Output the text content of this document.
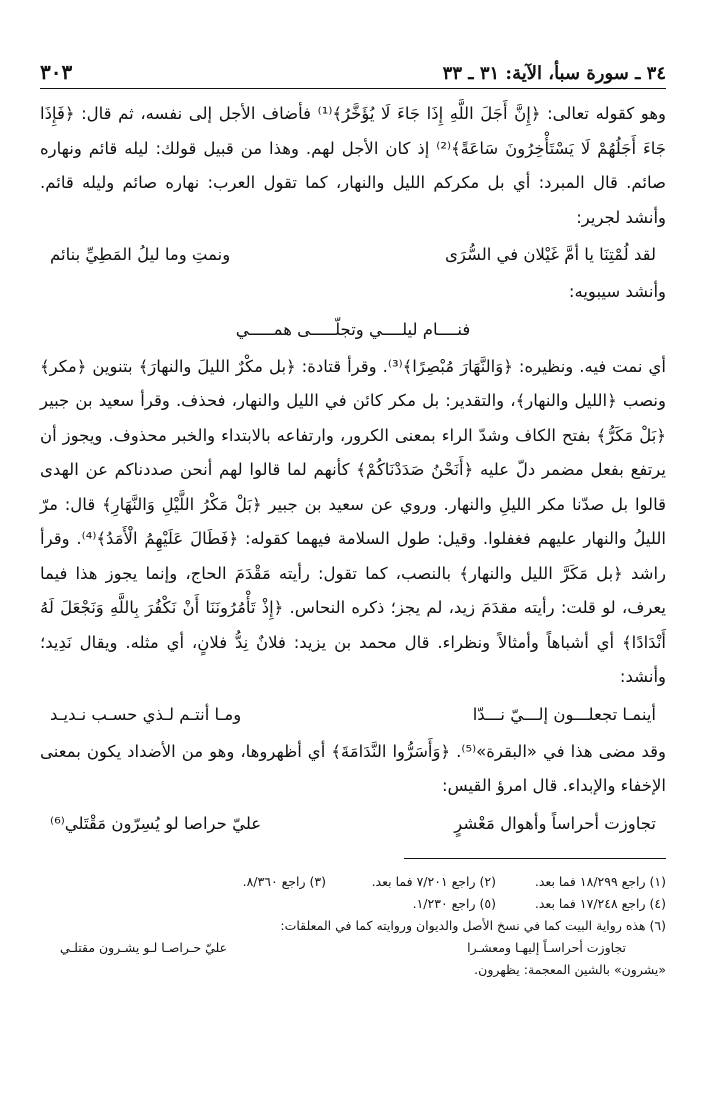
٣٤ ـ سورة سبأ، الآية: ٣١ ـ ٣٣
٣٠٣

وهو كقوله تعالى: ﴿إِنَّ أَجَلَ اللَّهِ إِذَا جَاءَ لَا يُؤَخَّرُ﴾⁽¹⁾ فأضاف الأجل إلى نفسه، ثم قال: ﴿فَإِذَا جَاءَ أَجَلُهُمْ لَا يَسْتَأْخِرُونَ سَاعَةً﴾⁽²⁾ إذ كان الأجل لهم. وهذا من قبيل قولك: ليله قائم ونهاره صائم. قال المبرد: أي بل مكركم الليل والنهار، كما تقول العرب: نهاره صائم وليله قائم. وأنشد لجرير:

لقد لُمْتِنَا يا أمَّ غَيْلان في السُّرَى
ونمتِ وما ليلُ المَطِيِّ بنائم

وأنشد سيبويه:

فنــــام ليلــــي وتجلّـــــى همـــــي

أي نمت فيه. ونظيره: ﴿وَالنَّهَارَ مُبْصِرًا﴾⁽³⁾. وقرأ قتادة: ﴿بل مكْرٌ الليلَ والنهارَ﴾ بتنوين ﴿مكر﴾ ونصب ﴿الليل والنهار﴾، والتقدير: بل مكر كائن في الليل والنهار، فحذف. وقرأ سعيد بن جبير ﴿بَلْ مَكَرُّ﴾ بفتح الكاف وشدّ الراء بمعنى الكرور، وارتفاعه بالابتداء والخبر محذوف. ويجوز أن يرتفع بفعل مضمر دلّ عليه ﴿أَنَحْنُ صَدَدْنَاكُمْ﴾ كأنهم لما قالوا لهم أنحن صددناكم عن الهدى قالوا بل صدّنا مكر الليلِ والنهار. وروي عن سعيد بن جبير ﴿بَلْ مَكْرُ اللَّيْلِ وَالنَّهَارِ﴾ قال: مرّ الليلُ والنهار عليهم فغفلوا. وقيل: طول السلامة فيهما كقوله: ﴿فَطَالَ عَلَيْهِمُ الْأَمَدُ﴾⁽⁴⁾. وقرأ راشد ﴿بل مَكَرَّ الليل والنهار﴾ بالنصب، كما تقول: رأيته مَقْدَمَ الحاج، وإنما يجوز هذا فيما يعرف، لو قلت: رأيته مقدَمَ زيد، لم يجز؛ ذكره النحاس. ﴿إِذْ تَأْمُرُونَنَا أَنْ نَكْفُرَ بِاللَّهِ وَنَجْعَلَ لَهُ أَنْدَادًا﴾ أي أشباهاً وأمثالاً ونظراء. قال محمد بن يزيد: فلانٌ نِدُّ فلانٍ، أي مثله. ويقال نَدِيد؛ وأنشد:

أينمـا تجعلـــون إلـــيّ نـــدّا
ومـا أنتـم لـذي حسـب نـديـد

وقد مضى هذا في «البقرة»⁽⁵⁾. ﴿وَأَسَرُّوا النَّدَامَةَ﴾ أي أظهروها، وهو من الأضداد يكون بمعنى الإخفاء والإبداء. قال امرؤ القيس:

تجاوزت أحراساً وأهوال مَعْشرٍ
عليّ حراصا لو يُسِرّون مَقْتَلي⁽⁶⁾
(١) راجع ١٨/٢٩٩ فما بعد.
(٢) راجع ٧/٢٠١ فما بعد.
(٣) راجع ٨/٣٦٠.
(٤) راجع ١٧/٢٤٨ فما بعد.
(٥) راجع ١/٢٣٠.
(٦) هذه رواية البيت كما في نسخ الأصل والديوان وروايته كما في المعلقات:
تجاوزت أحراسـاً إليهـا ومعشـرا
عليّ حـراصـا لـو يشـرون مقتلـي
«يشرون» بالشين المعجمة: يظهرون.
